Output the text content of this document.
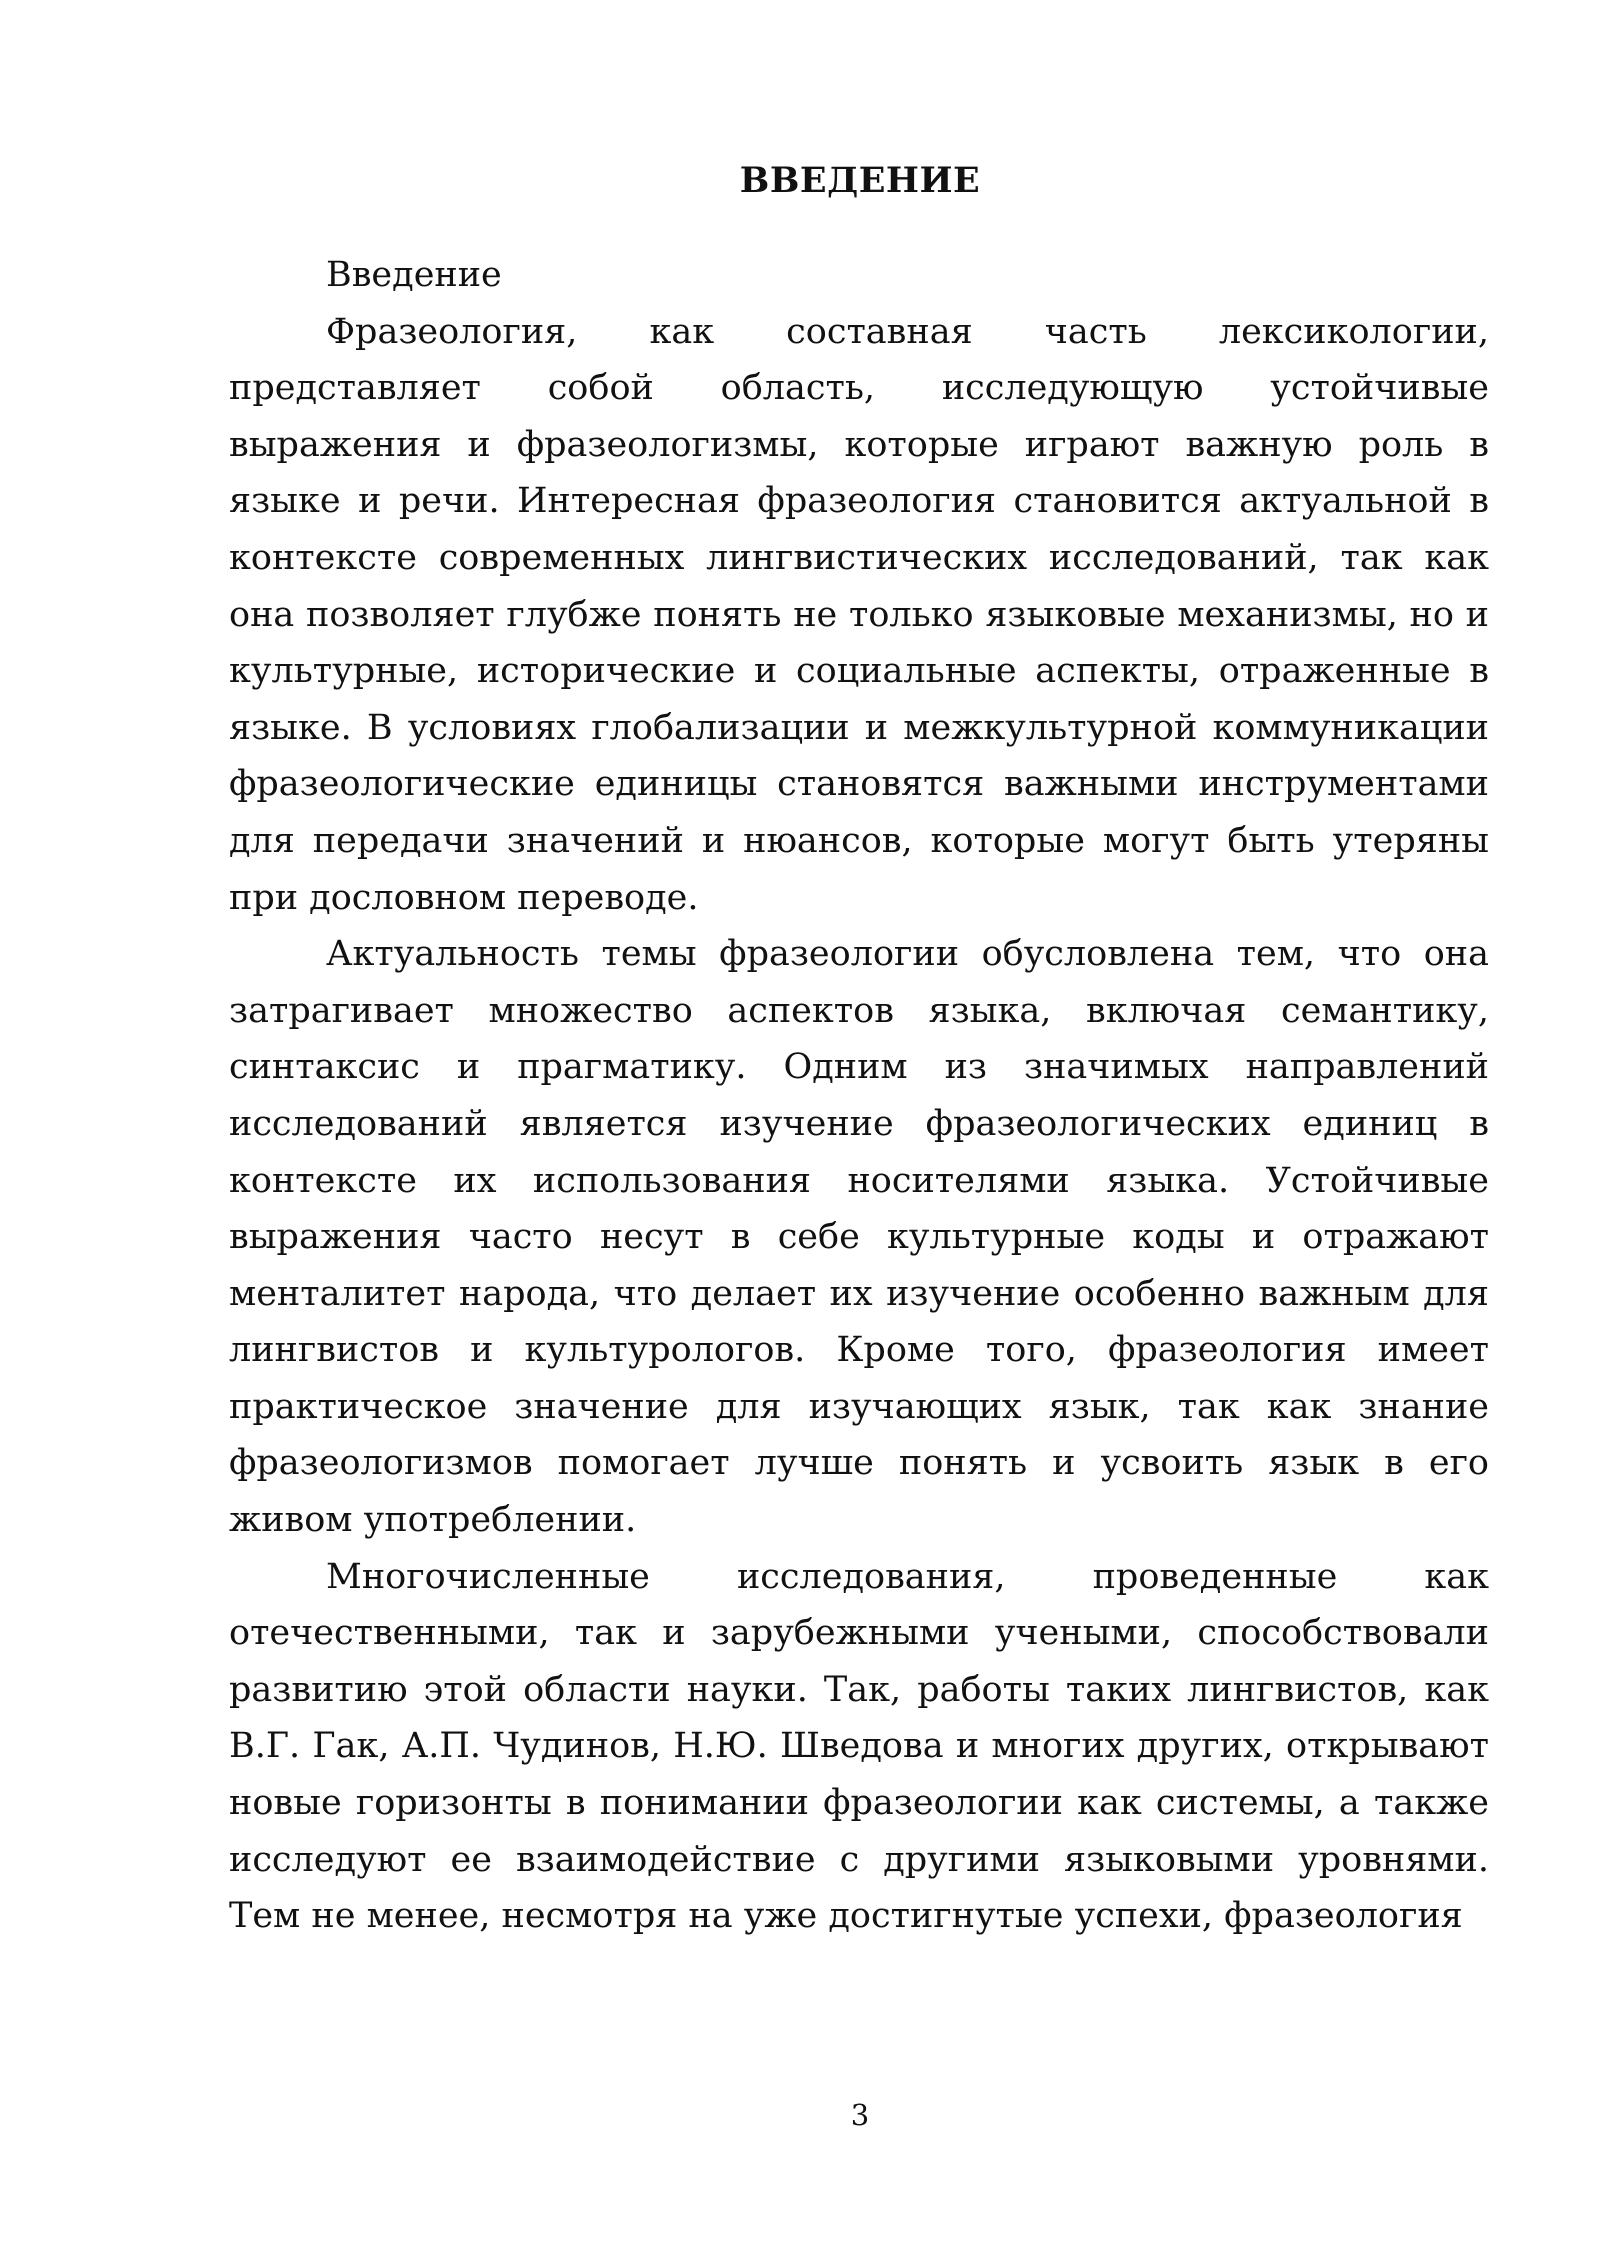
ВВЕДЕНИЕ

Введение

Фразеология, как составная часть лексикологии, представляет собой область, исследующую устойчивые выражения и фразеологизмы, которые играют важную роль в языке и речи. Интересная фразеология становится актуальной в контексте современных лингвистических исследований, так как она позволяет глубже понять не только языковые механизмы, но и культурные, исторические и социальные аспекты, отраженные в языке. В условиях глобализации и межкультурной коммуникации фразеологические единицы становятся важными инструментами для передачи значений и нюансов, которые могут быть утеряны при дословном переводе.

Актуальность темы фразеологии обусловлена тем, что она затрагивает множество аспектов языка, включая семантику, синтаксис и прагматику. Одним из значимых направлений исследований является изучение фразеологических единиц в контексте их использования носителями языка. Устойчивые выражения часто несут в себе культурные коды и отражают менталитет народа, что делает их изучение особенно важным для лингвистов и культурологов. Кроме того, фразеология имеет практическое значение для изучающих язык, так как знание фразеологизмов помогает лучше понять и усвоить язык в его живом употреблении.

Многочисленные исследования, проведенные как отечественными, так и зарубежными учеными, способствовали развитию этой области науки. Так, работы таких лингвистов, как В.Г. Гак, А.П. Чудинов, Н.Ю. Шведова и многих других, открывают новые горизонты в понимании фразеологии как системы, а также исследуют ее взаимодействие с другими языковыми уровнями. Тем не менее, несмотря на уже достигнутые успехи, фразеология

3
